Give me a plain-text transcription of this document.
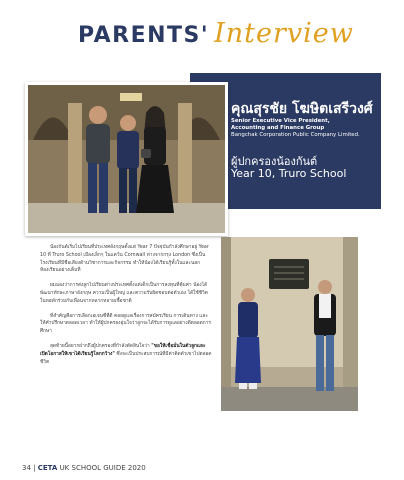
PARENTS' Interview

คุณสุรชัย โฆษิตเสรีวงศ์

Senior Executive Vice President,
Accounting and Finance Group
Bangchak Corporation Public Company Limited.

ผู้ปกครองน้องกันต์

Year 10, Truro School

น้องกันต์เริ่มไปเรียนที่ประเทศอังกฤษตั้งแต่ Year 7 ปัจจุบันกำลังศึกษาอยู่ Year 10 ที่ Truro School เมืองเล็กๆ ในแคว้น Cornwall ห่างจากกรุง London ซึ่งเป็นโรงเรียนที่มีชื่อเสียงด้านวิชาการและกิจกรรม ทำให้น้องได้เรียนรู้ทั้งในและนอกห้องเรียนอย่างเต็มที่

ผมมองว่าการส่งลูกไปเรียนต่างประเทศตั้งแต่เด็กเป็นการลงทุนที่คุ้มค่า น้องได้พัฒนาทักษะภาษาอังกฤษ ความเป็นผู้ใหญ่ และความรับผิดชอบต่อตัวเอง ได้ใช้ชีวิตในหอพักร่วมกับเพื่อนจากหลากหลายเชื้อชาติ

ที่สำคัญคือการเลือกเอเจนซี่ที่ดี คอยดูแลเรื่องการสมัครเรียน การเดินทาง และให้คำปรึกษาตลอดเวลา ทำให้ผู้ปกครองอุ่นใจว่าลูกจะได้รับการดูแลอย่างดีตลอดการศึกษา

สุดท้ายนี้อยากฝากถึงผู้ปกครองที่กำลังตัดสินใจว่า "ขอให้เชื่อมั่นในตัวลูกและเปิดโอกาสให้เขาได้เรียนรู้โลกกว้าง" ซึ่งจะเป็นประสบการณ์ที่มีค่าติดตัวเขาไปตลอดชีวิต

34 | CETA UK SCHOOL GUIDE 2020
